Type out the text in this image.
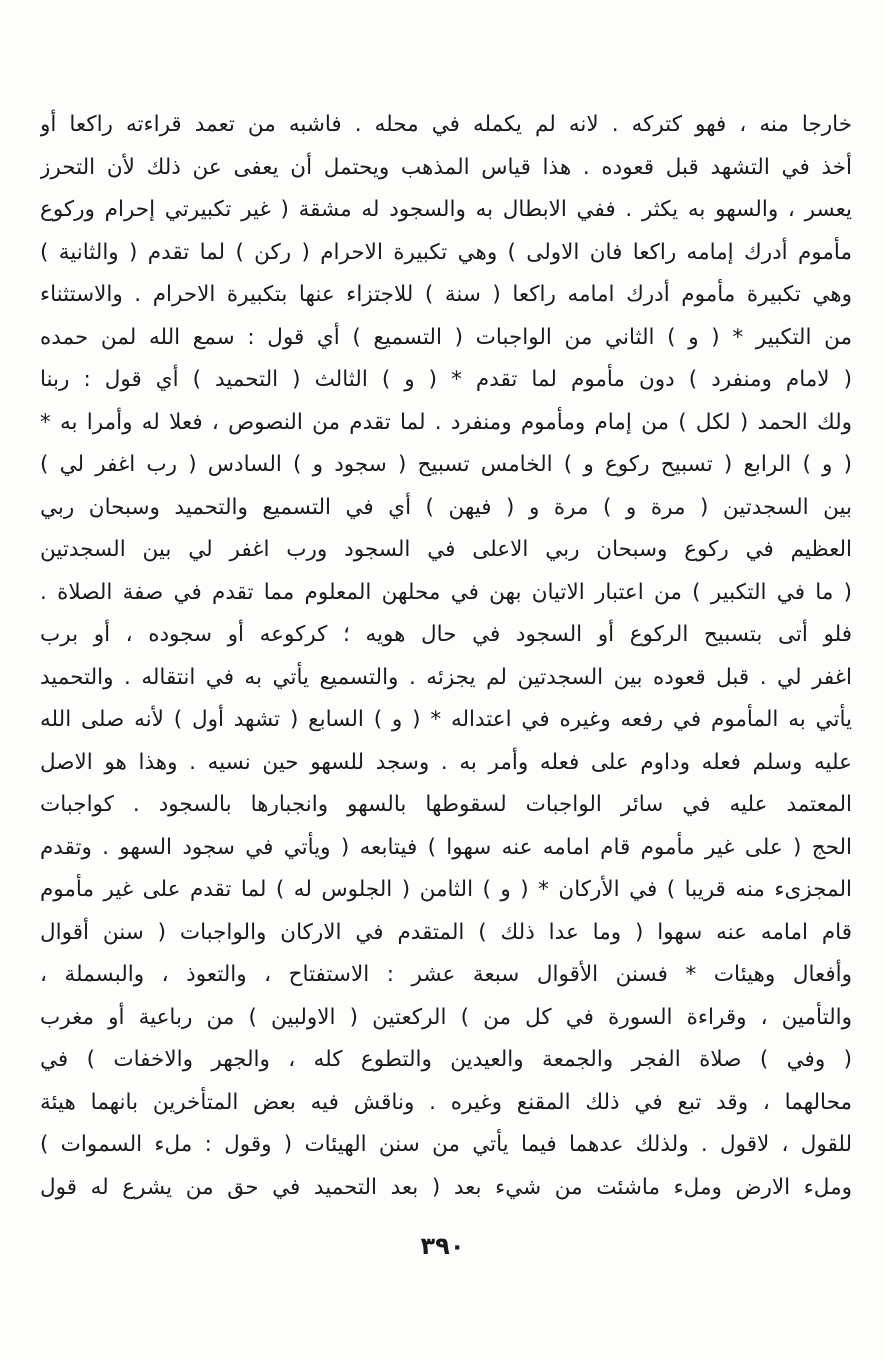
خارجا منه ، فهو كتركه . لانه لم يكمله في محله . فاشبه من تعمد قراءته راكعا أو
أخذ في التشهد قبل قعوده . هذا قياس المذهب ويحتمل أن يعفى عن ذلك لأن التحرز
يعسر ، والسهو به يكثر . ففي الابطال به والسجود له مشقة ( غير تكبيرتي إحرام وركوع
مأموم أدرك إمامه راكعا فان الاولى ) وهي تكبيرة الاحرام ( ركن ) لما تقدم ( والثانية )
وهي تكبيرة مأموم أدرك امامه راكعا ( سنة ) للاجتزاء عنها بتكبيرة الاحرام . والاستثناء
من التكبير * ( و ) الثاني من الواجبات ( التسميع ) أي قول : سمع الله لمن حمده
( لامام ومنفرد ) دون مأموم لما تقدم * ( و ) الثالث ( التحميد ) أي قول : ربنا
ولك الحمد ( لكل ) من إمام ومأموم ومنفرد . لما تقدم من النصوص ، فعلا له وأمرا به *
( و ) الرابع ( تسبيح ركوع و ) الخامس تسبيح ( سجود و ) السادس ( رب اغفر لي )
بين السجدتين ( مرة و ) مرة و ( فيهن ) أي في التسميع والتحميد وسبحان ربي
العظيم في ركوع وسبحان ربي الاعلى في السجود ورب اغفر لي بين السجدتين
( ما في التكبير ) من اعتبار الاتيان بهن في محلهن المعلوم مما تقدم في صفة الصلاة .
فلو أتى بتسبيح الركوع أو السجود في حال هويه ؛ كركوعه أو سجوده ، أو برب
اغفر لي . قبل قعوده بين السجدتين لم يجزئه . والتسميع يأتي به في انتقاله . والتحميد
يأتي به المأموم في رفعه وغيره في اعتداله * ( و ) السابع ( تشهد أول ) لأنه صلى الله
عليه وسلم فعله وداوم على فعله وأمر به . وسجد للسهو حين نسيه . وهذا هو الاصل
المعتمد عليه في سائر الواجبات لسقوطها بالسهو وانجبارها بالسجود . كواجبات
الحج ( على غير مأموم قام امامه عنه سهوا ) فيتابعه ( ويأتي في سجود السهو . وتقدم
المجزىء منه قريبا ) في الأركان * ( و ) الثامن ( الجلوس له ) لما تقدم على غير مأموم
قام امامه عنه سهوا ( وما عدا ذلك ) المتقدم في الاركان والواجبات ( سنن أقوال
وأفعال وهيئات * فسنن الأقوال سبعة عشر : الاستفتاح ، والتعوذ ، والبسملة ،
والتأمين ، وقراءة السورة في كل من ) الركعتين ( الاولبين ) من رباعية أو مغرب
( وفي ) صلاة الفجر والجمعة والعيدين والتطوع كله ، والجهر والاخفات ) في
محالهما ، وقد تبع في ذلك المقنع وغيره . وناقش فيه بعض المتأخرين بانهما هيئة
للقول ، لاقول . ولذلك عدهما فيما يأتي من سنن الهيئات ( وقول : ملء السموات )
وملء الارض وملء ماشئت من شيء بعد ( بعد التحميد في حق من يشرع له قول
٣٩٠
